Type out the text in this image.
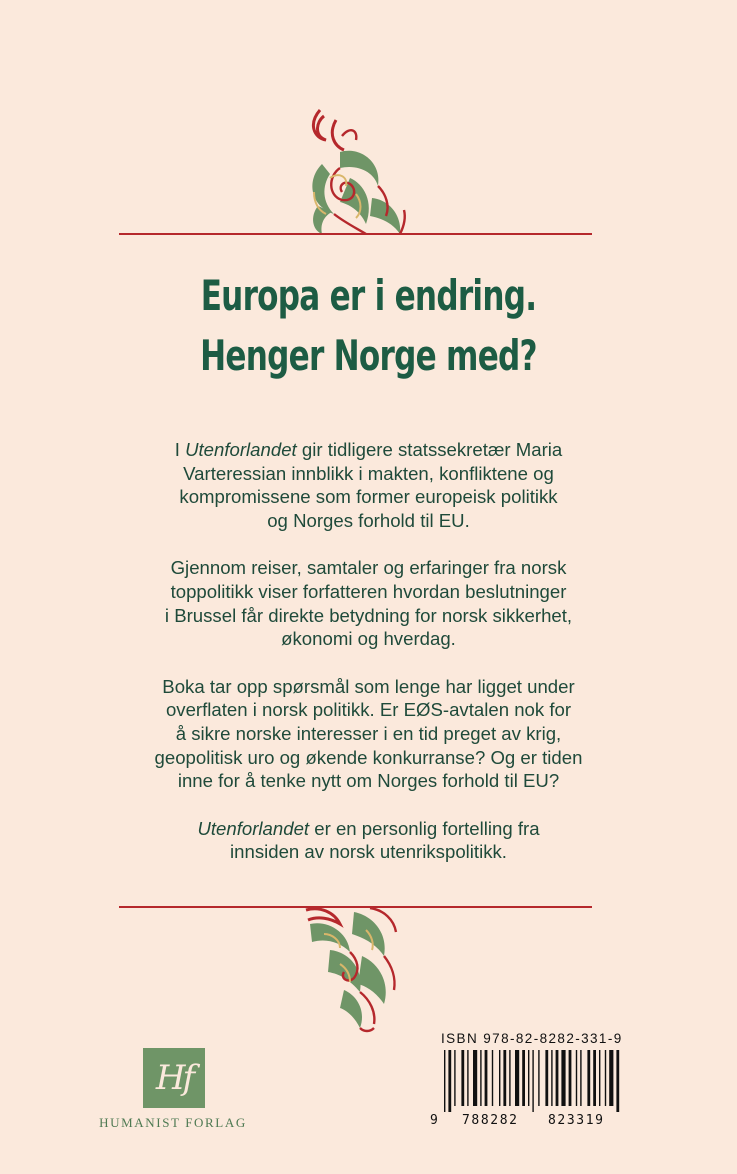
Europa er i endring.
Henger Norge med?

I Utenforlandet gir tidligere statssekretær Maria
Varteressian innblikk i makten, konfliktene og
kompromissene som former europeisk politikk
og Norges forhold til EU.

Gjennom reiser, samtaler og erfaringer fra norsk
toppolitikk viser forfatteren hvordan beslutninger
i Brussel får direkte betydning for norsk sikkerhet,
økonomi og hverdag.

Boka tar opp spørsmål som lenge har ligget under
overflaten i norsk politikk. Er EØS-avtalen nok for
å sikre norske interesser i en tid preget av krig,
geopolitisk uro og økende konkurranse? Og er tiden
inne for å tenke nytt om Norges forhold til EU?

Utenforlandet er en personlig fortelling fra
innsiden av norsk utenrikspolitikk.

Hf
HUMANIST FORLAG
ISBN 978-82-8282-331-9
9 788282 823319
